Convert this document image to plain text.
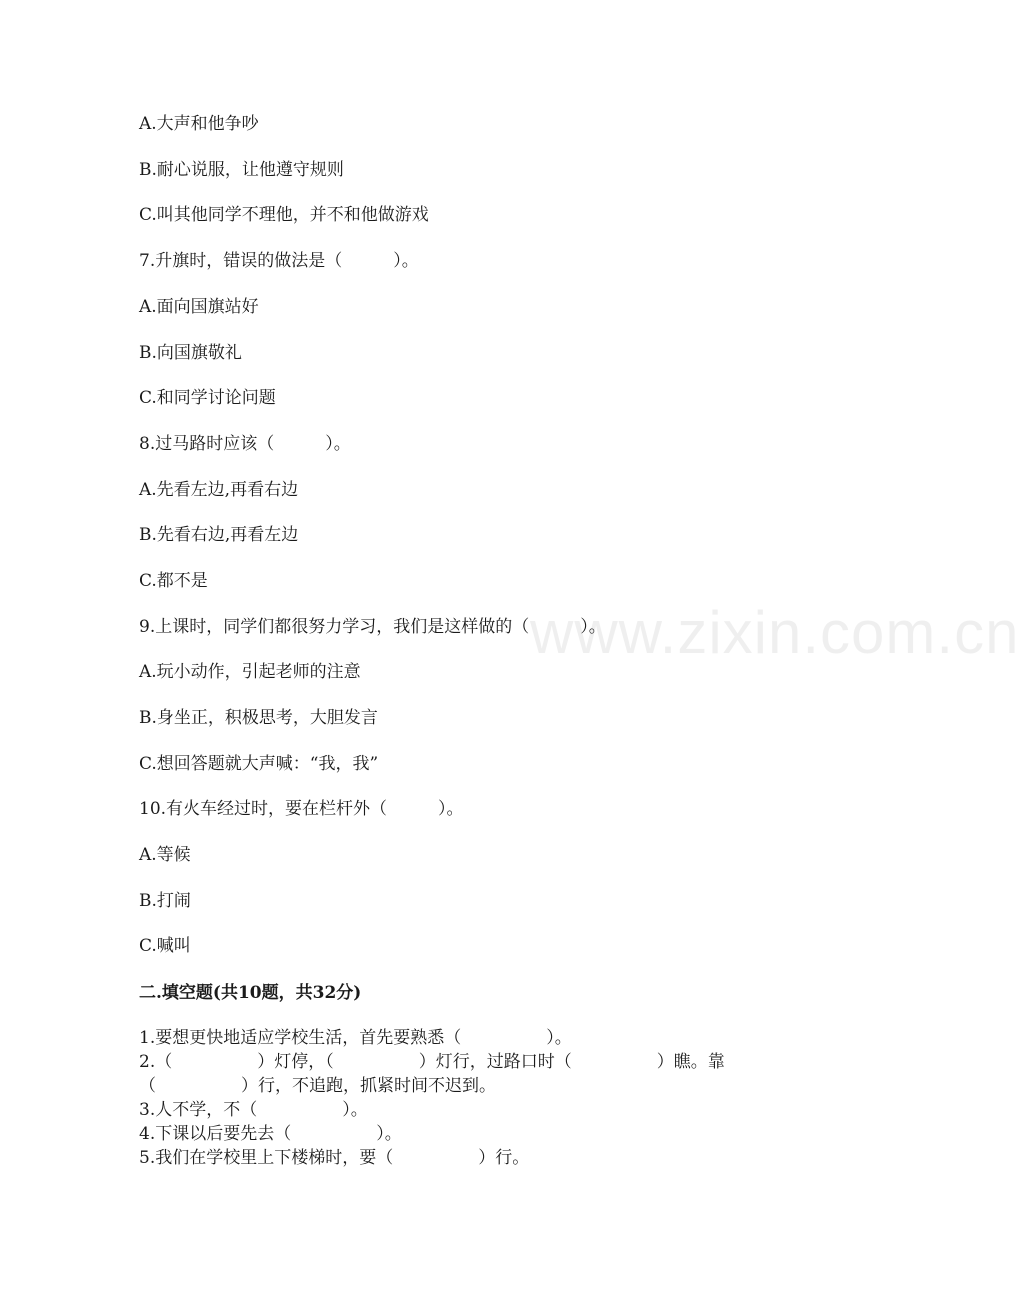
www.zixin.com.cn
A.大声和他争吵
B.耐心说服，让他遵守规则
C.叫其他同学不理他，并不和他做游戏
7.升旗时，错误的做法是（　　　）。
A.面向国旗站好
B.向国旗敬礼
C.和同学讨论问题
8.过马路时应该（　　　）。
A.先看左边,再看右边
B.先看右边,再看左边
C.都不是
9.上课时，同学们都很努力学习，我们是这样做的（　　　）。
A.玩小动作，引起老师的注意
B.身坐正，积极思考，大胆发言
C.想回答题就大声喊：“我，我”
10.有火车经过时，要在栏杆外（　　　）。
A.等候
B.打闹
C.喊叫
二.填空题(共10题，共32分)
1.要想更快地适应学校生活，首先要熟悉（　　　　　）。
2.（　　　　　）灯停，（　　　　　）灯行，过路口时（　　　　　）瞧。靠
（　　　　　）行，不追跑，抓紧时间不迟到。
3.人不学，不（　　　　　）。
4.下课以后要先去（　　　　　）。
5.我们在学校里上下楼梯时，要（　　　　　）行。
